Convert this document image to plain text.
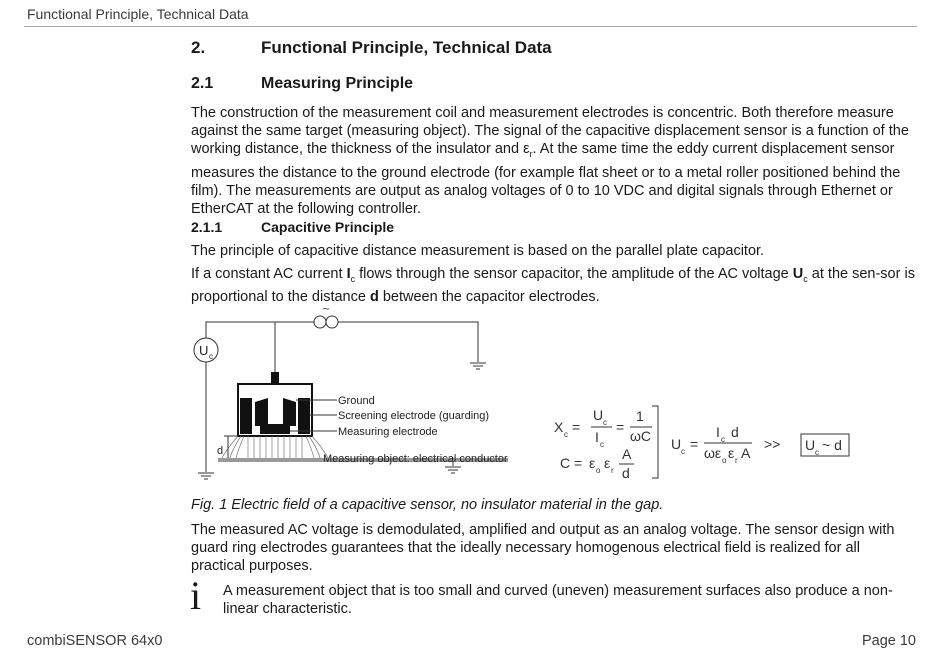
Functional Principle, Technical Data
2.	Functional Principle, Technical Data
2.1	Measuring Principle
The construction of the measurement coil and measurement electrodes is concentric. Both therefore measure against the same target (measuring object). The signal of the capacitive displacement sensor is a function of the working distance, the thickness of the insulator and $\varepsilon_r$. At the same time the eddy current displacement sensor measures the distance to the ground electrode (for example flat sheet or to a metal roller positioned behind the film). The measurements are output as analog voltages of 0 to 10 VDC and digital signals through Ethernet or EtherCAT at the following controller.
2.1.1	Capacitive Principle
The principle of capacitive distance measurement is based on the parallel plate capacitor.
If a constant AC current $I_c$ flows through the sensor capacitor, the amplitude of the AC voltage $U_c$ at the sen-sor is proportional to the distance d between the capacitor electrodes.
~
U c
d
Ground
Screening electrode (guarding)
Measuring electrode
Measuring object: electrical conductor
X c =
U c
I c
=
1
ωC
C = ε o ε r
A
d
U c =
I c d
ωε o ε r A
>> U c ~ d
Fig. 1 Electric field of a capacitive sensor, no insulator material in the gap.
The measured AC voltage is demodulated, amplified and output as an analog voltage. The sensor design with guard ring electrodes guarantees that the ideally necessary homogenous electrical field is realized for all practical purposes.
i A measurement object that is too small and curved (uneven) measurement surfaces also produce a non-linear characteristic.
combiSENSOR 64x0	Page 10
